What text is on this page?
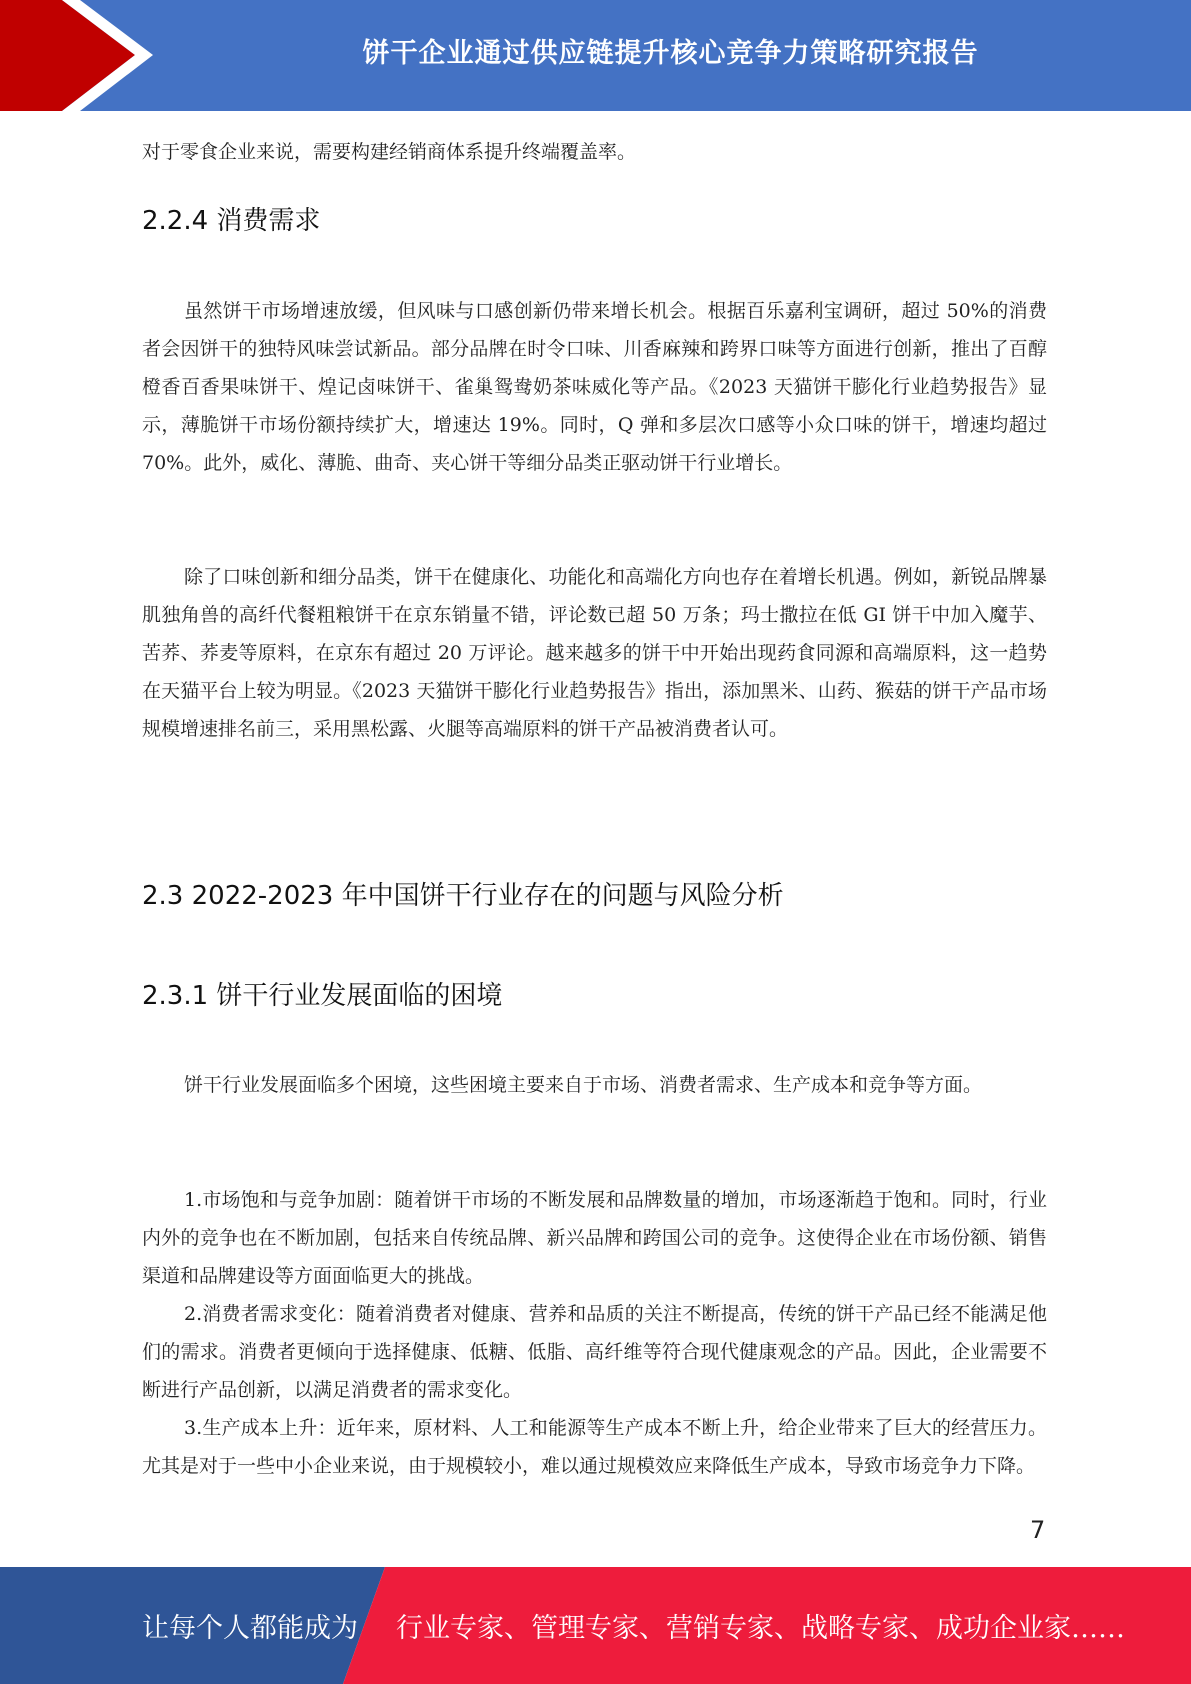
饼干企业通过供应链提升核心竞争力策略研究报告
对于零食企业来说，需要构建经销商体系提升终端覆盖率。
2.2.4 消费需求
虽然饼干市场增速放缓，但风味与口感创新仍带来增长机会。根据百乐嘉利宝调研，超过 50%的消费者会因饼干的独特风味尝试新品。部分品牌在时令口味、川香麻辣和跨界口味等方面进行创新，推出了百醇橙香百香果味饼干、煌记卤味饼干、雀巢鸳鸯奶茶味威化等产品。《2023 天猫饼干膨化行业趋势报告》显示，薄脆饼干市场份额持续扩大，增速达 19%。同时，Q 弹和多层次口感等小众口味的饼干，增速均超过 70%。此外，威化、薄脆、曲奇、夹心饼干等细分品类正驱动饼干行业增长。
除了口味创新和细分品类，饼干在健康化、功能化和高端化方向也存在着增长机遇。例如，新锐品牌暴肌独角兽的高纤代餐粗粮饼干在京东销量不错，评论数已超 50 万条；玛士撒拉在低 GI 饼干中加入魔芋、苦荞、荞麦等原料，在京东有超过 20 万评论。越来越多的饼干中开始出现药食同源和高端原料，这一趋势在天猫平台上较为明显。《2023 天猫饼干膨化行业趋势报告》指出，添加黑米、山药、猴菇的饼干产品市场规模增速排名前三，采用黑松露、火腿等高端原料的饼干产品被消费者认可。
2.3 2022-2023 年中国饼干行业存在的问题与风险分析
2.3.1 饼干行业发展面临的困境
饼干行业发展面临多个困境，这些困境主要来自于市场、消费者需求、生产成本和竞争等方面。
1.市场饱和与竞争加剧：随着饼干市场的不断发展和品牌数量的增加，市场逐渐趋于饱和。同时，行业内外的竞争也在不断加剧，包括来自传统品牌、新兴品牌和跨国公司的竞争。这使得企业在市场份额、销售渠道和品牌建设等方面面临更大的挑战。
2.消费者需求变化：随着消费者对健康、营养和品质的关注不断提高，传统的饼干产品已经不能满足他们的需求。消费者更倾向于选择健康、低糖、低脂、高纤维等符合现代健康观念的产品。因此，企业需要不断进行产品创新，以满足消费者的需求变化。
3.生产成本上升：近年来，原材料、人工和能源等生产成本不断上升，给企业带来了巨大的经营压力。尤其是对于一些中小企业来说，由于规模较小，难以通过规模效应来降低生产成本，导致市场竞争力下降。
7
让每个人都能成为 行业专家、管理专家、营销专家、战略专家、成功企业家……
